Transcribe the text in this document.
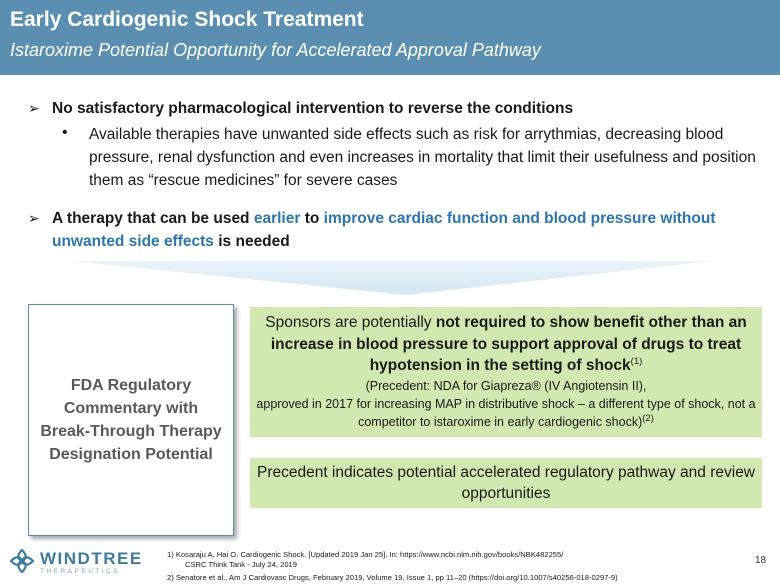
Early Cardiogenic Shock Treatment
Istaroxime Potential Opportunity for Accelerated Approval Pathway
➢ No satisfactory pharmacological intervention to reverse the conditions
• Available therapies have unwanted side effects such as risk for arrythmias, decreasing blood pressure, renal dysfunction and even increases in mortality that limit their usefulness and position them as “rescue medicines” for severe cases
➢ A therapy that can be used earlier to improve cardiac function and blood pressure without unwanted side effects is needed
FDA Regulatory Commentary with Break-Through Therapy Designation Potential
Sponsors are potentially not required to show benefit other than an increase in blood pressure to support approval of drugs to treat hypotension in the setting of shock$^{(1)}$
(Precedent: NDA for Giapreza® (IV Angiotensin II),
approved in 2017 for increasing MAP in distributive shock – a different type of shock, not a competitor to istaroxime in early cardiogenic shock)$^{(2)}$
Precedent indicates potential accelerated regulatory pathway and review opportunities
WINDTREE
THERAPEUTICS
1) Kosaraju A, Hai O. Cardiogenic Shock. [Updated 2019 Jan 25]. In: https://www.ncbi.nlm.nih.gov/books/NBK482255/
CSRC Think Tank - July 24, 2019
2) Senatore et al., Am J Cardiovasc Drugs, February 2019, Volume 19, Issue 1, pp 11–20 (https://doi.org/10.1007/s40256-018-0297-9)
18
